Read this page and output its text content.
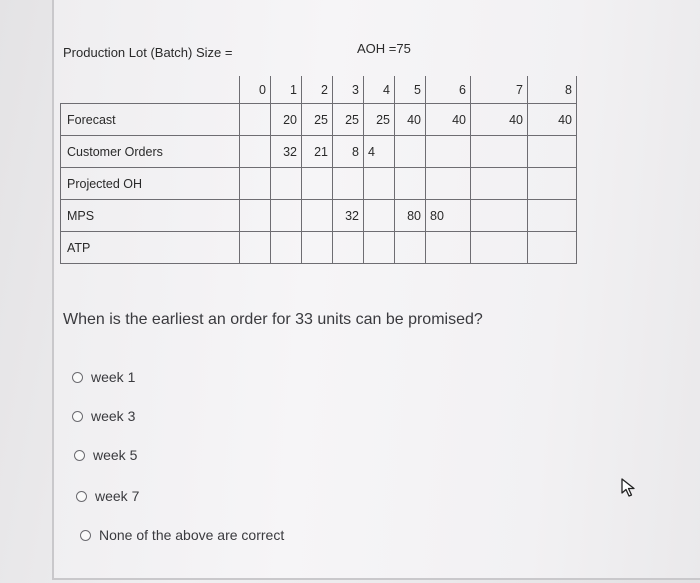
Production Lot (Batch) Size =	AOH =75
	0	1	2	3	4	5	6	7	8
Forecast		20	25	25	25	40	40	40	40
Customer Orders		32	21	8	4				
Projected OH									
MPS				32		80	80		
ATP									
When is the earliest an order for 33 units can be promised?
week 1
week 3
week 5
week 7
None of the above are correct
